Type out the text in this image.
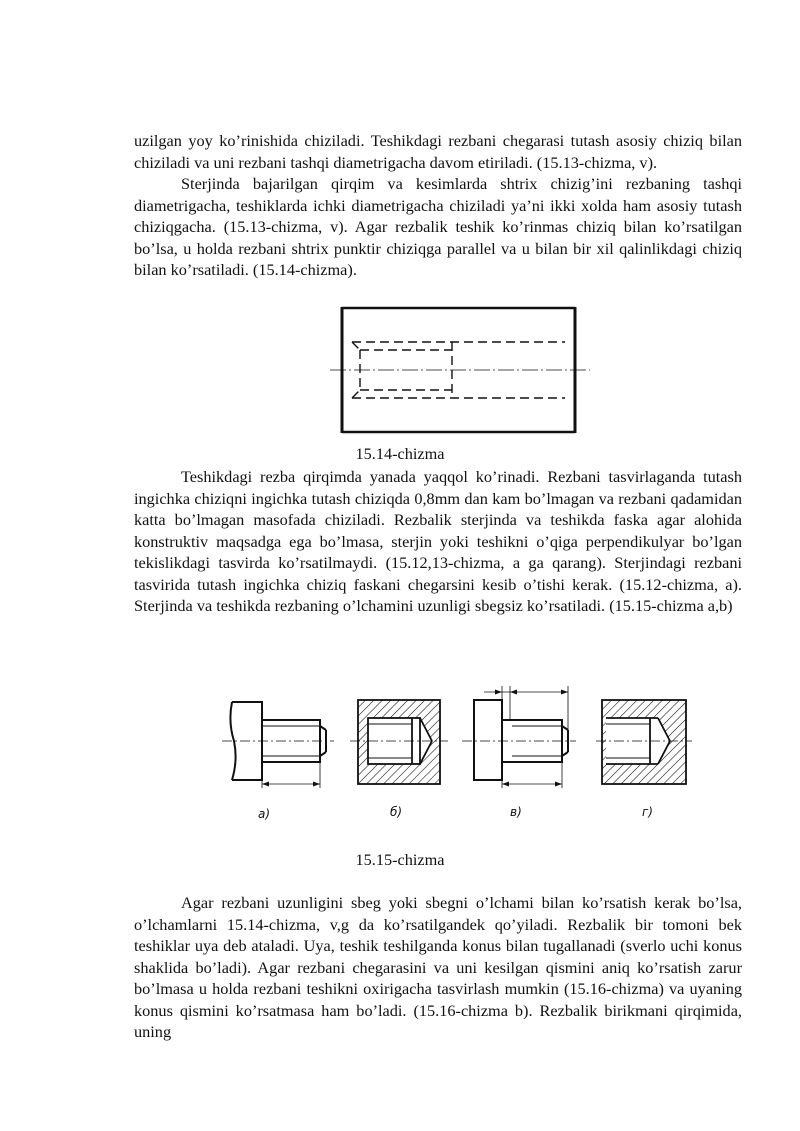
uzilgan yoy ko’rinishida chiziladi. Teshikdagi rezbani chegarasi tutash asosiy chiziq bilan chiziladi va uni rezbani tashqi diametrigacha davom etiriladi. (15.13-chizma, v).

Sterjinda bajarilgan qirqim va kesimlarda shtrix chizig’ini rezbaning tashqi diametrigacha, teshiklarda ichki diametrigacha chiziladi ya’ni ikki xolda ham asosiy tutash chiziqgacha. (15.13-chizma, v). Agar rezbalik teshik ko’rinmas chiziq bilan ko’rsatilgan bo’lsa, u holda rezbani shtrix punktir chiziqga parallel va u bilan bir xil qalinlikdagi chiziq bilan ko’rsatiladi. (15.14-chizma).

15.14-chizma

Teshikdagi rezba qirqimda yanada yaqqol ko’rinadi. Rezbani tasvirlaganda tutash ingichka chiziqni ingichka tutash chiziqda 0,8mm dan kam bo’lmagan va rezbani qadamidan katta bo’lmagan masofada chiziladi. Rezbalik sterjinda va teshikda faska agar alohida konstruktiv maqsadga ega bo’lmasa, sterjin yoki teshikni o’qiga perpendikulyar bo’lgan tekislikdagi tasvirda ko’rsatilmaydi. (15.12,13-chizma, a ga qarang). Sterjindagi rezbani tasvirida tutash ingichka chiziq faskani chegarsini kesib o’tishi kerak. (15.12-chizma, a). Sterjinda va teshikda rezbaning o’lchamini uzunligi sbegsiz ko’rsatiladi. (15.15-chizma a,b)

а)	б)	в)	г)
15.15-chizma

Agar rezbani uzunligini sbeg yoki sbegni o’lchami bilan ko’rsatish kerak bo’lsa, o’lchamlarni 15.14-chizma, v,g da ko’rsatilgandek qo’yiladi. Rezbalik bir tomoni bek teshiklar uya deb ataladi. Uya, teshik teshilganda konus bilan tugallanadi (sverlo uchi konus shaklida bo’ladi). Agar rezbani chegarasini va uni kesilgan qismini aniq ko’rsatish zarur bo’lmasa u holda rezbani teshikni oxirigacha tasvirlash mumkin (15.16-chizma) va uyaning konus qismini ko’rsatmasa ham bo’ladi. (15.16-chizma b). Rezbalik birikmani qirqimida, uning
